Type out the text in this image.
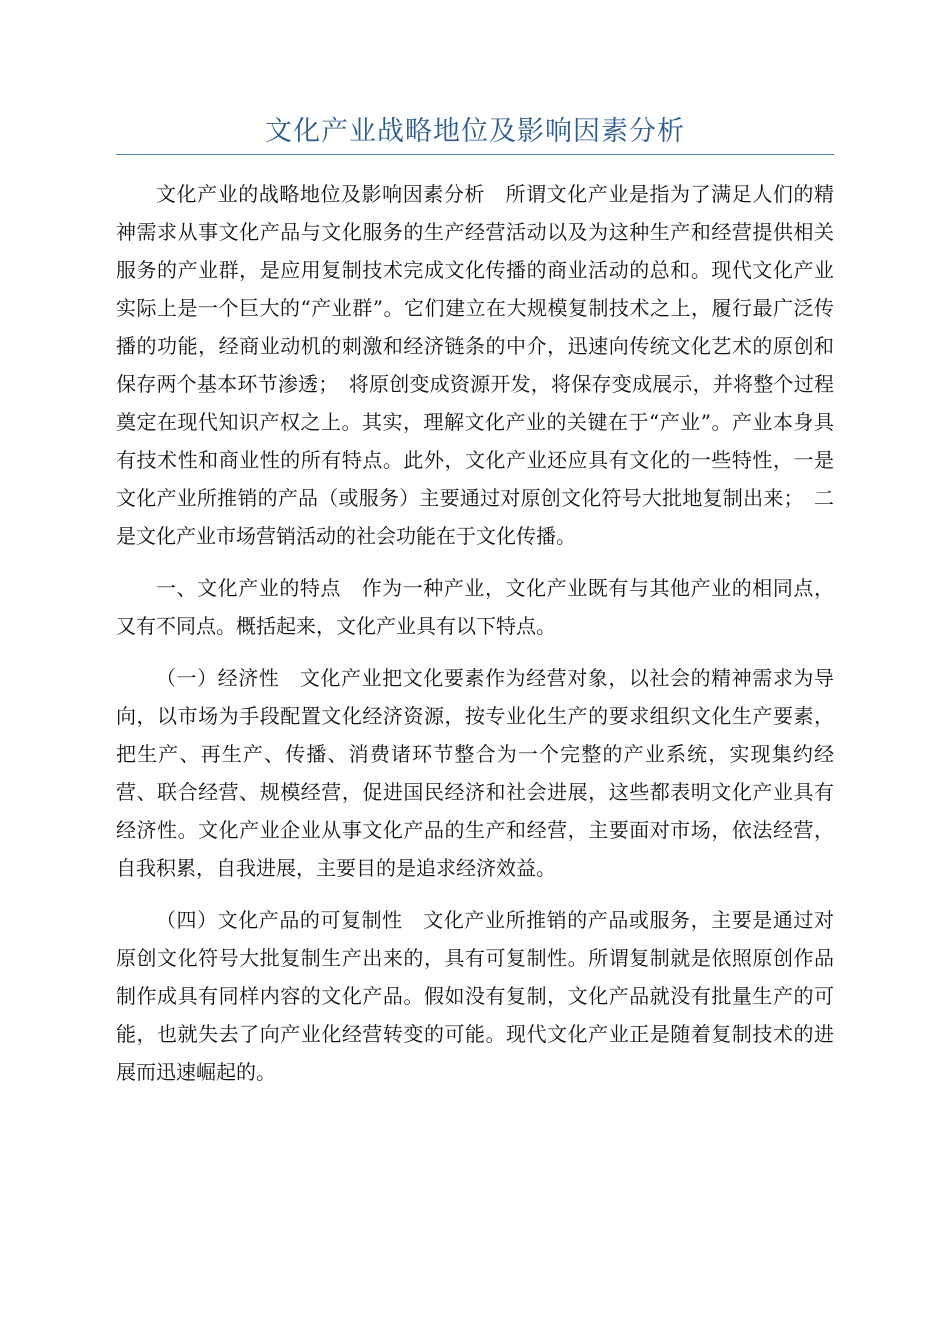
文化产业战略地位及影响因素分析

文化产业的战略地位及影响因素分析　所谓文化产业是指为了满足人们的精神需求从事文化产品与文化服务的生产经营活动以及为这种生产和经营提供相关服务的产业群，是应用复制技术完成文化传播的商业活动的总和。现代文化产业实际上是一个巨大的“产业群”。它们建立在大规模复制技术之上，履行最广泛传播的功能，经商业动机的刺激和经济链条的中介，迅速向传统文化艺术的原创和保存两个基本环节渗透；　将原创变成资源开发，将保存变成展示，并将整个过程奠定在现代知识产权之上。其实，理解文化产业的关键在于“产业”。产业本身具有技术性和商业性的所有特点。此外，文化产业还应具有文化的一些特性，一是文化产业所推销的产品（或服务）主要通过对原创文化符号大批地复制出来；　二是文化产业市场营销活动的社会功能在于文化传播。

一、文化产业的特点　作为一种产业，文化产业既有与其他产业的相同点，又有不同点。概括起来，文化产业具有以下特点。

（一）经济性　文化产业把文化要素作为经营对象，以社会的精神需求为导向，以市场为手段配置文化经济资源，按专业化生产的要求组织文化生产要素，把生产、再生产、传播、消费诸环节整合为一个完整的产业系统，实现集约经营、联合经营、规模经营，促进国民经济和社会进展，这些都表明文化产业具有经济性。文化产业企业从事文化产品的生产和经营，主要面对市场，依法经营，自我积累，自我进展，主要目的是追求经济效益。

（四）文化产品的可复制性　文化产业所推销的产品或服务，主要是通过对原创文化符号大批复制生产出来的，具有可复制性。所谓复制就是依照原创作品制作成具有同样内容的文化产品。假如没有复制，文化产品就没有批量生产的可能，也就失去了向产业化经营转变的可能。现代文化产业正是随着复制技术的进展而迅速崛起的。
